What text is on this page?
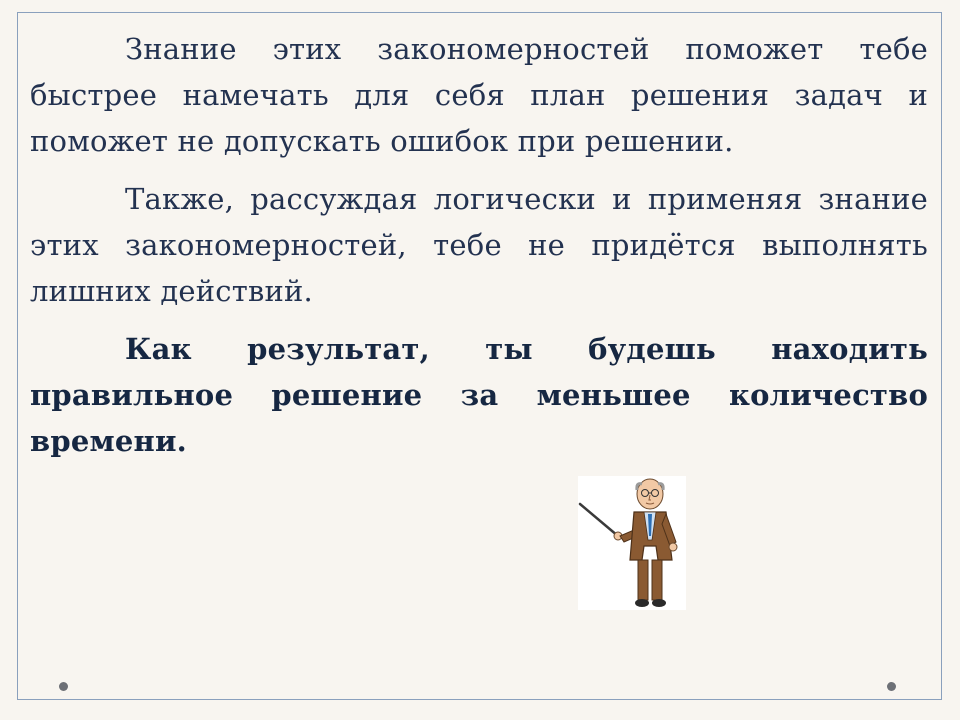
Знание этих закономерностей поможет тебе быстрее намечать для себя план решения задач и поможет не допускать ошибок при решении.

Также, рассуждая логически и применяя знание этих закономерностей, тебе не придётся выполнять лишних действий.

Как результат, ты будешь находить правильное решение за меньшее количество времени.
